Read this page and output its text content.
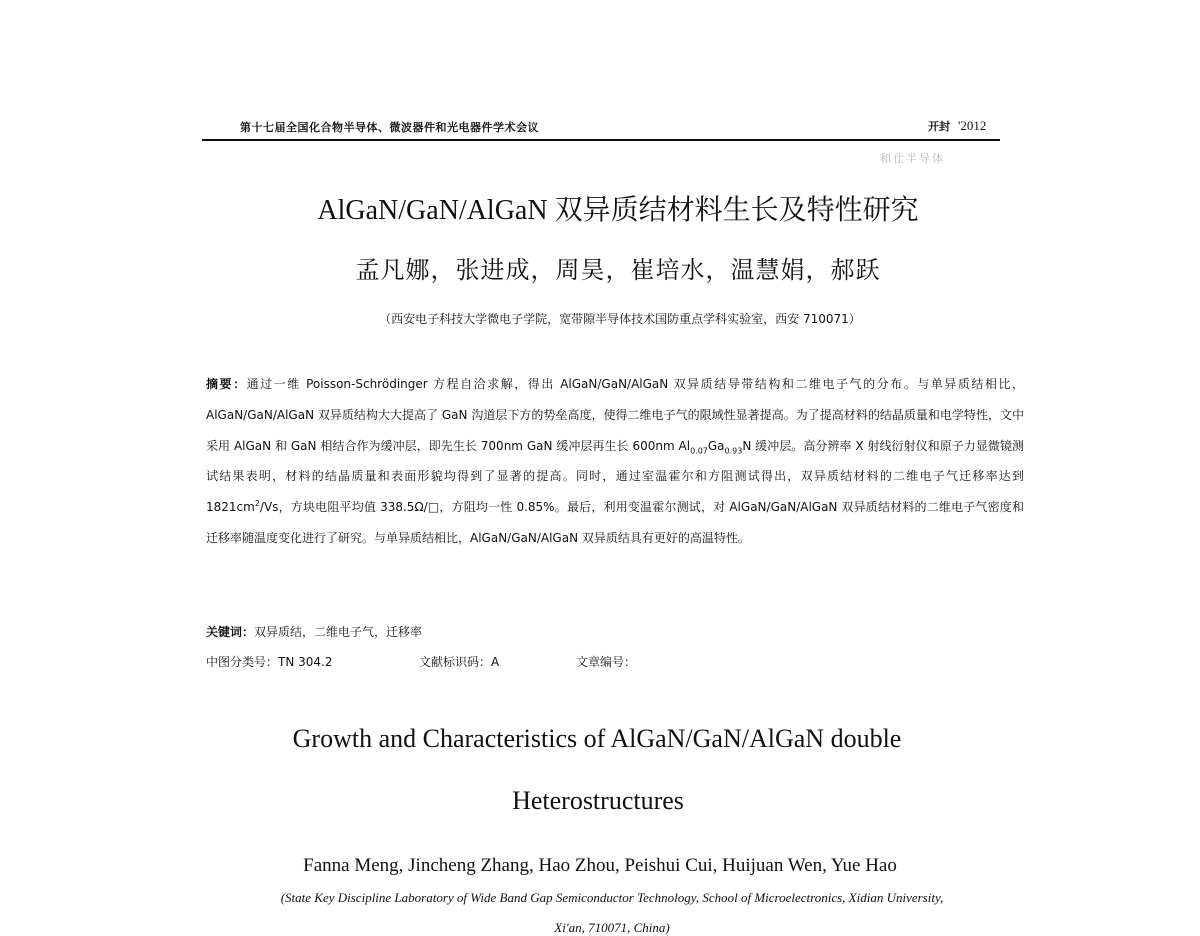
第十七届全国化合物半导体、微波器件和光电器件学术会议	开封 '2012
和仕半导体
AlGaN/GaN/AlGaN 双异质结材料生长及特性研究
孟凡娜，张进成，周昊，崔培水，温慧娟，郝跃
（西安电子科技大学微电子学院，宽带隙半导体技术国防重点学科实验室，西安 710071）
摘要：通过一维 Poisson-Schrödinger 方程自洽求解，得出 AlGaN/GaN/AlGaN 双异质结导带结构和二维电子气的分布。与单异质结相比，AlGaN/GaN/AlGaN 双异质结构大大提高了 GaN 沟道层下方的势垒高度，使得二维电子气的限域性显著提高。为了提高材料的结晶质量和电学特性，文中采用 AlGaN 和 GaN 相结合作为缓冲层，即先生长 700nm GaN 缓冲层再生长 600nm $Al_{0.07}Ga_{0.93}N$ 缓冲层。高分辨率 X 射线衍射仪和原子力显微镜测试结果表明，材料的结晶质量和表面形貌均得到了显著的提高。同时，通过室温霍尔和方阻测试得出，双异质结材料的二维电子气迁移率达到 $1821cm^2/Vs$，方块电阻平均值 338.5Ω/□，方阻均一性 0.85%。最后，利用变温霍尔测试，对 AlGaN/GaN/AlGaN 双异质结材料的二维电子气密度和迁移率随温度变化进行了研究。与单异质结相比，AlGaN/GaN/AlGaN 双异质结具有更好的高温特性。
关键词：双异质结，二维电子气，迁移率
中图分类号：TN 304.2	文献标识码：A	文章编号：
Growth and Characteristics of AlGaN/GaN/AlGaN double
Heterostructures
Fanna Meng, Jincheng Zhang, Hao Zhou, Peishui Cui, Huijuan Wen, Yue Hao
(State Key Discipline Laboratory of Wide Band Gap Semiconductor Technology, School of Microelectronics, Xidian University,
Xi'an, 710071, China)
